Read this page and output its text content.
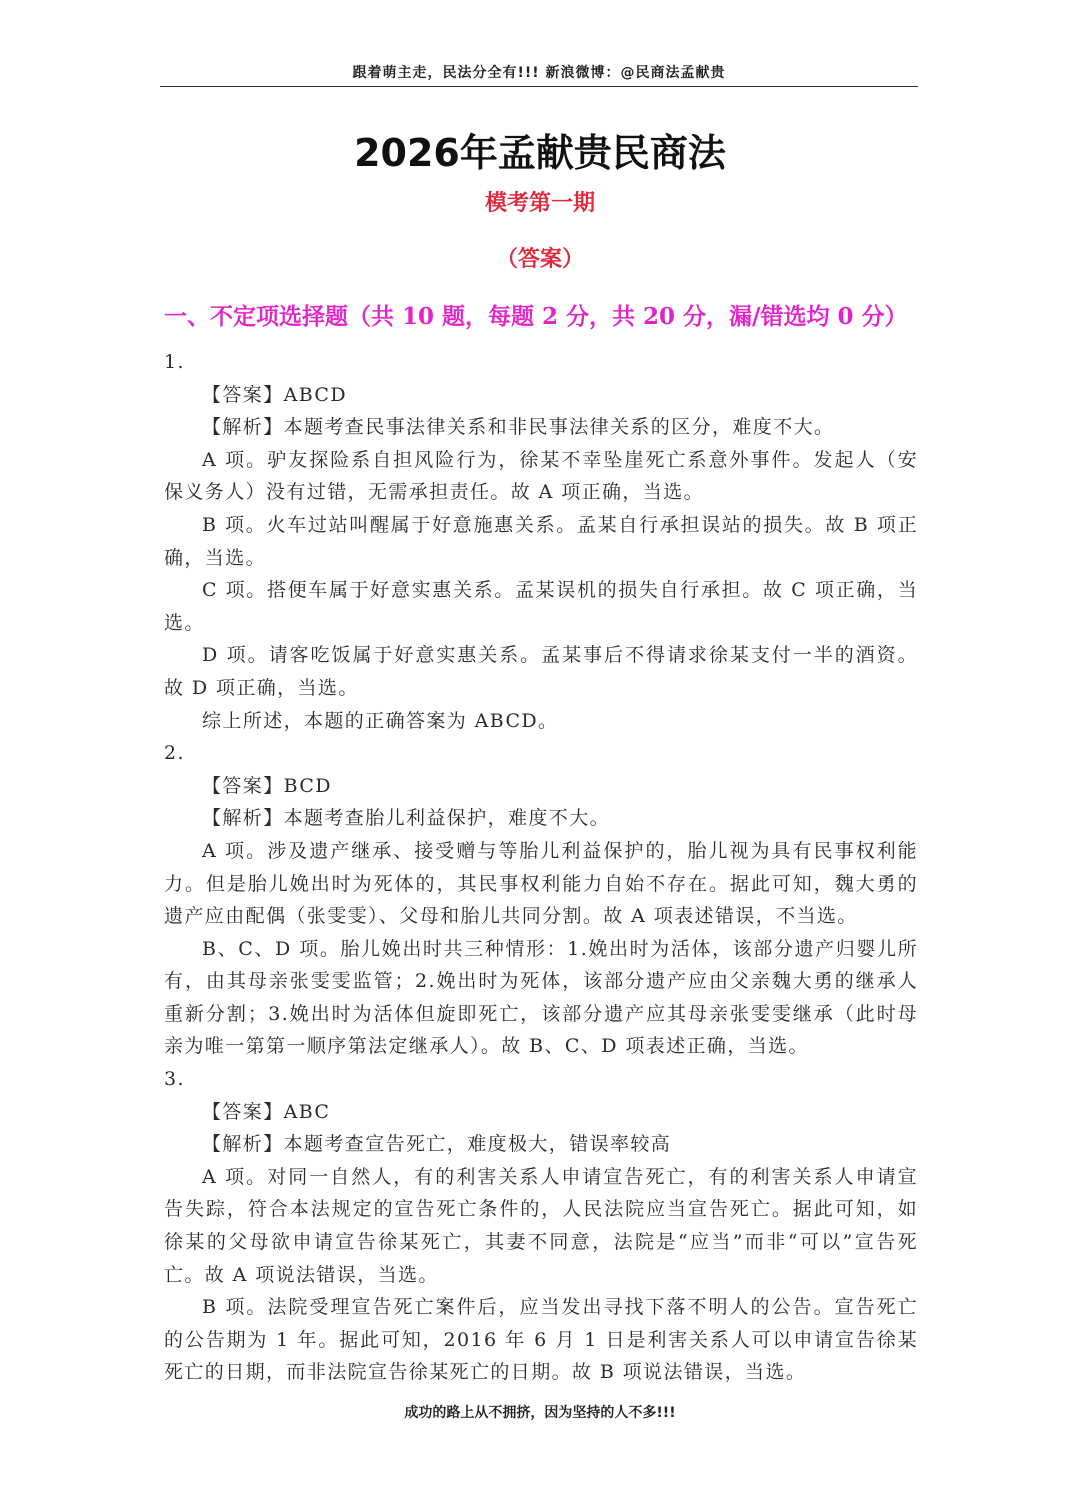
跟着萌主走，民法分全有!!! 新浪微博：@民商法孟献贵
2026年孟献贵民商法
模考第一期
（答案）
一、不定项选择题（共 10 题，每题 2 分，共 20 分，漏/错选均 0 分）

1.

【答案】ABCD

【解析】本题考查民事法律关系和非民事法律关系的区分，难度不大。

A 项。驴友探险系自担风险行为，徐某不幸坠崖死亡系意外事件。发起人（安保义务人）没有过错，无需承担责任。故 A 项正确，当选。

B 项。火车过站叫醒属于好意施惠关系。孟某自行承担误站的损失。故 B 项正确，当选。

C 项。搭便车属于好意实惠关系。孟某误机的损失自行承担。故 C 项正确，当选。

D 项。请客吃饭属于好意实惠关系。孟某事后不得请求徐某支付一半的酒资。故 D 项正确，当选。

综上所述，本题的正确答案为 ABCD。

2.

【答案】BCD

【解析】本题考查胎儿利益保护，难度不大。

A 项。涉及遗产继承、接受赠与等胎儿利益保护的，胎儿视为具有民事权利能力。但是胎儿娩出时为死体的，其民事权利能力自始不存在。据此可知，魏大勇的遗产应由配偶（张雯雯）、父母和胎儿共同分割。故 A 项表述错误，不当选。

B、C、D 项。胎儿娩出时共三种情形：1.娩出时为活体，该部分遗产归婴儿所有，由其母亲张雯雯监管；2.娩出时为死体，该部分遗产应由父亲魏大勇的继承人重新分割；3.娩出时为活体但旋即死亡，该部分遗产应其母亲张雯雯继承（此时母亲为唯一第第一顺序第法定继承人）。故 B、C、D 项表述正确，当选。

3.

【答案】ABC

【解析】本题考查宣告死亡，难度极大，错误率较高

A 项。对同一自然人，有的利害关系人申请宣告死亡，有的利害关系人申请宣告失踪，符合本法规定的宣告死亡条件的，人民法院应当宣告死亡。据此可知，如徐某的父母欲申请宣告徐某死亡，其妻不同意，法院是“应当”而非“可以”宣告死亡。故 A 项说法错误，当选。

B 项。法院受理宣告死亡案件后，应当发出寻找下落不明人的公告。宣告死亡的公告期为 1 年。据此可知，2016 年 6 月 1 日是利害关系人可以申请宣告徐某死亡的日期，而非法院宣告徐某死亡的日期。故 B 项说法错误，当选。

成功的路上从不拥挤，因为坚持的人不多!!!
